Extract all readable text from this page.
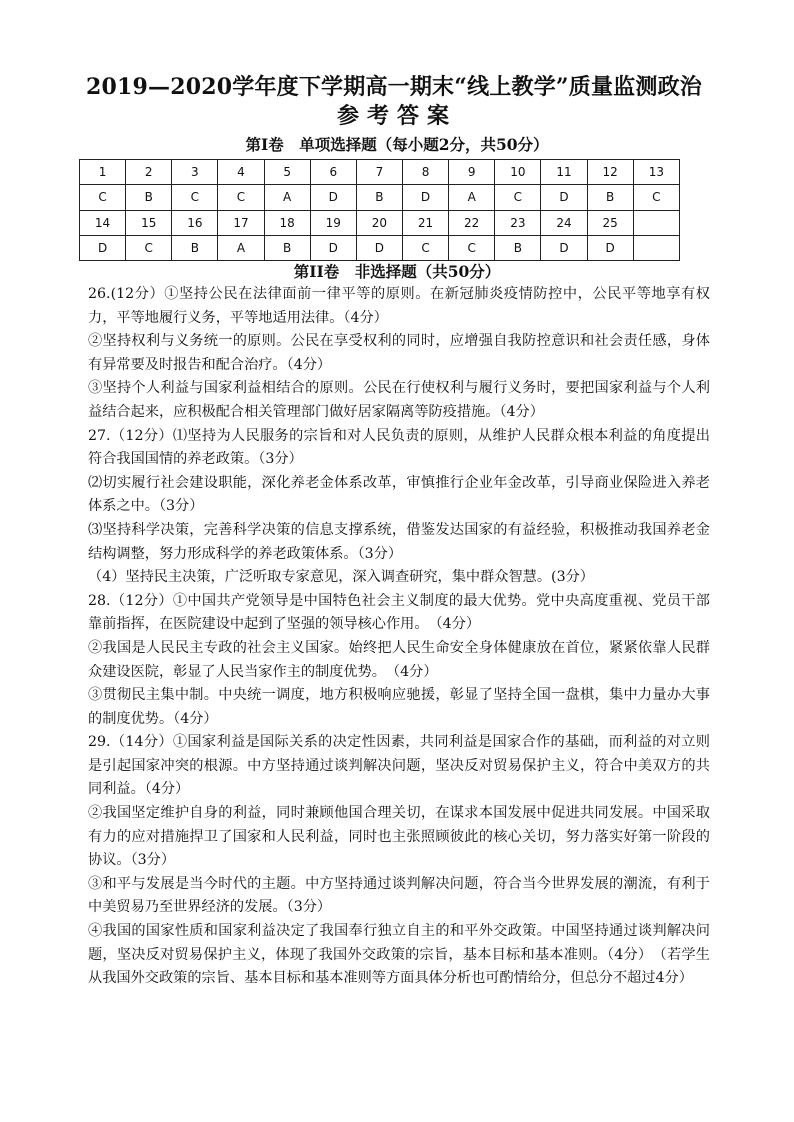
2019—2020学年度下学期高一期末“线上教学”质量监测政治
参考答案
第Ⅰ卷　单项选择题（每小题2分，共50分）
1	2	3	4	5	6	7	8	9	10	11	12	13
C	B	C	C	A	D	B	D	A	C	D	B	C
14	15	16	17	18	19	20	21	22	23	24	25	
D	C	B	A	B	D	D	C	C	B	D	D	
第II卷　非选择题（共50分）

26.(12分）①坚持公民在法律面前一律平等的原则。在新冠肺炎疫情防控中，公民平等地享有权力，平等地履行义务，平等地适用法律。（4分）

②坚持权利与义务统一的原则。公民在享受权利的同时，应增强自我防控意识和社会责任感，身体有异常要及时报告和配合治疗。（4分）

③坚持个人利益与国家利益相结合的原则。公民在行使权利与履行义务时，要把国家利益与个人利益结合起来，应积极配合相关管理部门做好居家隔离等防疫措施。（4分）

27.（12分）⑴坚持为人民服务的宗旨和对人民负责的原则，从维护人民群众根本利益的角度提出符合我国国情的养老政策。（3分）

⑵切实履行社会建设职能，深化养老金体系改革，审慎推行企业年金改革，引导商业保险进入养老体系之中。（3分）

⑶坚持科学决策，完善科学决策的信息支撑系统，借鉴发达国家的有益经验，积极推动我国养老金结构调整，努力形成科学的养老政策体系。（3分）

（4）坚持民主决策，广泛听取专家意见，深入调查研究，集中群众智慧。(3分）

28.（12分）①中国共产党领导是中国特色社会主义制度的最大优势。党中央高度重视、党员干部靠前指挥，在医院建设中起到了坚强的领导核心作用。　（4分）

②我国是人民民主专政的社会主义国家。始终把人民生命安全身体健康放在首位，紧紧依靠人民群众建设医院，彰显了人民当家作主的制度优势。　（4分）

③贯彻民主集中制。中央统一调度，地方积极响应驰援，彰显了坚持全国一盘棋，集中力量办大事的制度优势。（4分）

29.（14分）①国家利益是国际关系的决定性因素，共同利益是国家合作的基础，而利益的对立则是引起国家冲突的根源。中方坚持通过谈判解决问题，坚决反对贸易保护主义，符合中美双方的共同利益。（4分）

②我国坚定维护自身的利益，同时兼顾他国合理关切，在谋求本国发展中促进共同发展。中国采取有力的应对措施捍卫了国家和人民利益，同时也主张照顾彼此的核心关切，努力落实好第一阶段的协议。（3分）

③和平与发展是当今时代的主题。中方坚持通过谈判解决问题，符合当今世界发展的潮流，有利于中美贸易乃至世界经济的发展。（3分）

④我国的国家性质和国家利益决定了我国奉行独立自主的和平外交政策。中国坚持通过谈判解决问题，坚决反对贸易保护主义，体现了我国外交政策的宗旨，基本目标和基本准则。（4分）　（若学生从我国外交政策的宗旨、基本目标和基本准则等方面具体分析也可酌情给分，但总分不超过4分）
